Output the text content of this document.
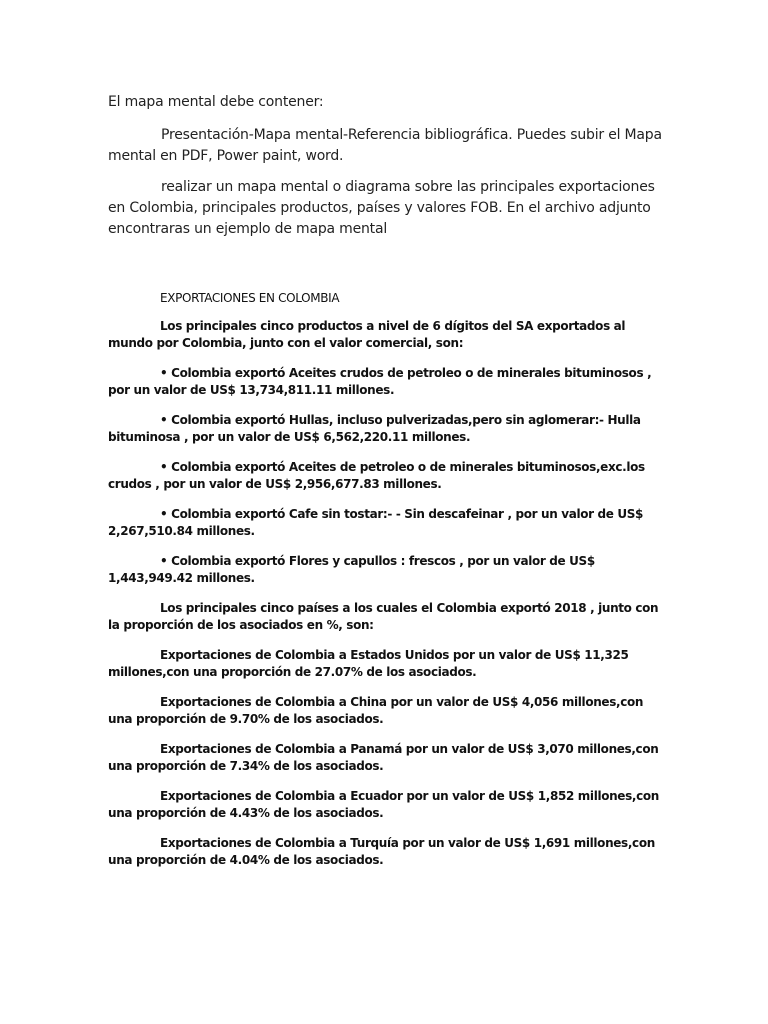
El mapa mental debe contener:

Presentación-Mapa mental-Referencia bibliográfica. Puedes subir el Mapa mental en PDF, Power paint, word.

realizar un mapa mental o diagrama sobre las principales exportaciones en Colombia, principales productos, países y valores FOB. En el archivo adjunto encontraras un ejemplo de mapa mental

EXPORTACIONES EN COLOMBIA

Los principales cinco productos a nivel de 6 dígitos del SA exportados al mundo por Colombia, junto con el valor comercial, son:

• Colombia exportó Aceites crudos de petroleo o de minerales bituminosos , por un valor de US$ 13,734,811.11 millones.

• Colombia exportó Hullas, incluso pulverizadas,pero sin aglomerar:- Hulla bituminosa , por un valor de US$ 6,562,220.11 millones.

• Colombia exportó Aceites de petroleo o de minerales bituminosos,exc.los crudos , por un valor de US$ 2,956,677.83 millones.

• Colombia exportó Cafe sin tostar:- - Sin descafeinar , por un valor de US$ 2,267,510.84 millones.

• Colombia exportó Flores y capullos : frescos , por un valor de US$ 1,443,949.42 millones.

Los principales cinco países a los cuales el Colombia exportó 2018 , junto con la proporción de los asociados en %, son:

Exportaciones de Colombia a Estados Unidos por un valor de US$ 11,325 millones,con una proporción de 27.07% de los asociados.

Exportaciones de Colombia a China por un valor de US$ 4,056 millones,con una proporción de 9.70% de los asociados.

Exportaciones de Colombia a Panamá por un valor de US$ 3,070 millones,con una proporción de 7.34% de los asociados.

Exportaciones de Colombia a Ecuador por un valor de US$ 1,852 millones,con una proporción de 4.43% de los asociados.

Exportaciones de Colombia a Turquía por un valor de US$ 1,691 millones,con una proporción de 4.04% de los asociados.
